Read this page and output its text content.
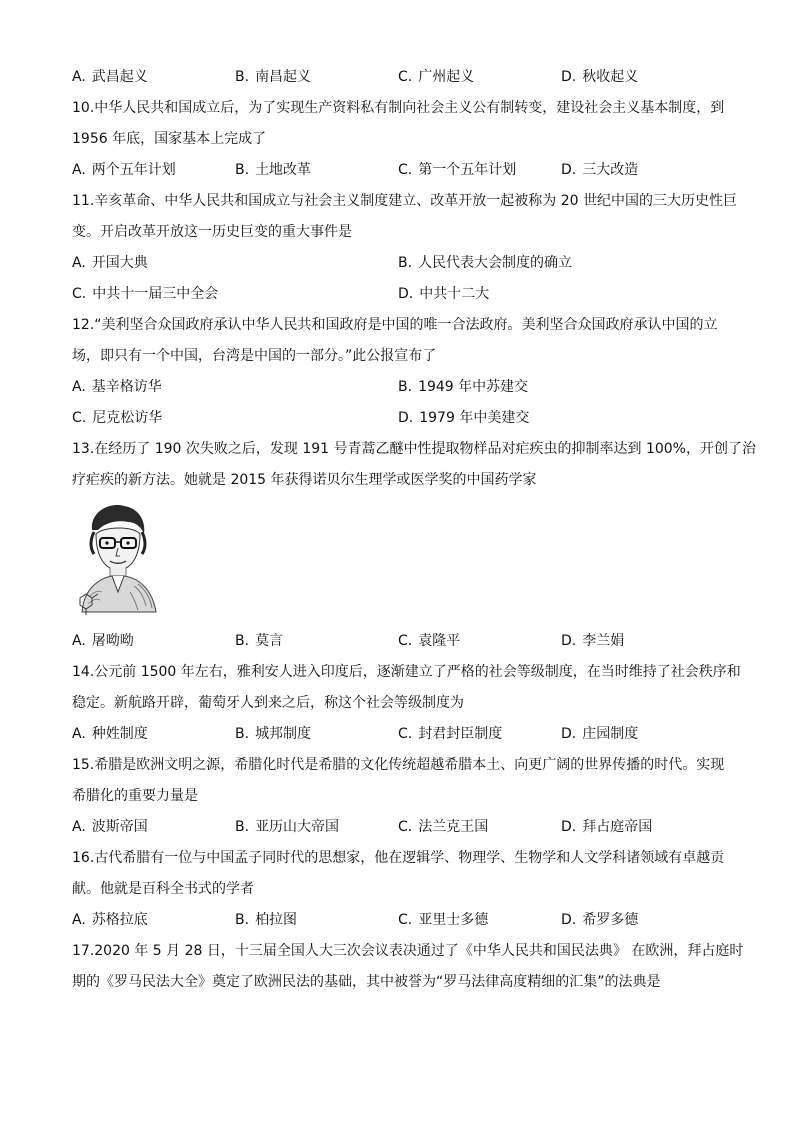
A. 武昌起义	B. 南昌起义	C. 广州起义	D. 秋收起义
10.中华人民共和国成立后，为了实现生产资料私有制向社会主义公有制转变，建设社会主义基本制度，到
1956 年底，国家基本上完成了
A. 两个五年计划	B. 土地改革	C. 第一个五年计划	D. 三大改造
11.辛亥革命、中华人民共和国成立与社会主义制度建立、改革开放一起被称为 20 世纪中国的三大历史性巨
变。开启改革开放这一历史巨变的重大事件是
A. 开国大典	B. 人民代表大会制度的确立
C. 中共十一届三中全会	D. 中共十二大
12.“美利坚合众国政府承认中华人民共和国政府是中国的唯一合法政府。美利坚合众国政府承认中国的立
场，即只有一个中国，台湾是中国的一部分。”此公报宣布了
A. 基辛格访华	B. 1949 年中苏建交
C. 尼克松访华	D. 1979 年中美建交
13.在经历了 190 次失败之后，发现 191 号青蒿乙醚中性提取物样品对疟疾虫的抑制率达到 100%，开创了治
疗疟疾的新方法。她就是 2015 年获得诺贝尔生理学或医学奖的中国药学家
A. 屠呦呦	B. 莫言	C. 袁隆平	D. 李兰娟
14.公元前 1500 年左右，雅利安人进入印度后，逐渐建立了严格的社会等级制度，在当时维持了社会秩序和
稳定。新航路开辟，葡萄牙人到来之后，称这个社会等级制度为
A. 种姓制度	B. 城邦制度	C. 封君封臣制度	D. 庄园制度
15.希腊是欧洲文明之源，希腊化时代是希腊的文化传统超越希腊本土、向更广阔的世界传播的时代。实现
希腊化的重要力量是
A. 波斯帝国	B. 亚历山大帝国	C. 法兰克王国	D. 拜占庭帝国
16.古代希腊有一位与中国孟子同时代的思想家，他在逻辑学、物理学、生物学和人文学科诸领域有卓越贡
献。他就是百科全书式的学者
A. 苏格拉底	B. 柏拉图	C. 亚里士多德	D. 希罗多德
17.2020 年 5 月 28 日，十三届全国人大三次会议表决通过了《中华人民共和国民法典》 在欧洲，拜占庭时
期的《罗马民法大全》奠定了欧洲民法的基础，其中被誉为“罗马法律高度精细的汇集”的法典是
